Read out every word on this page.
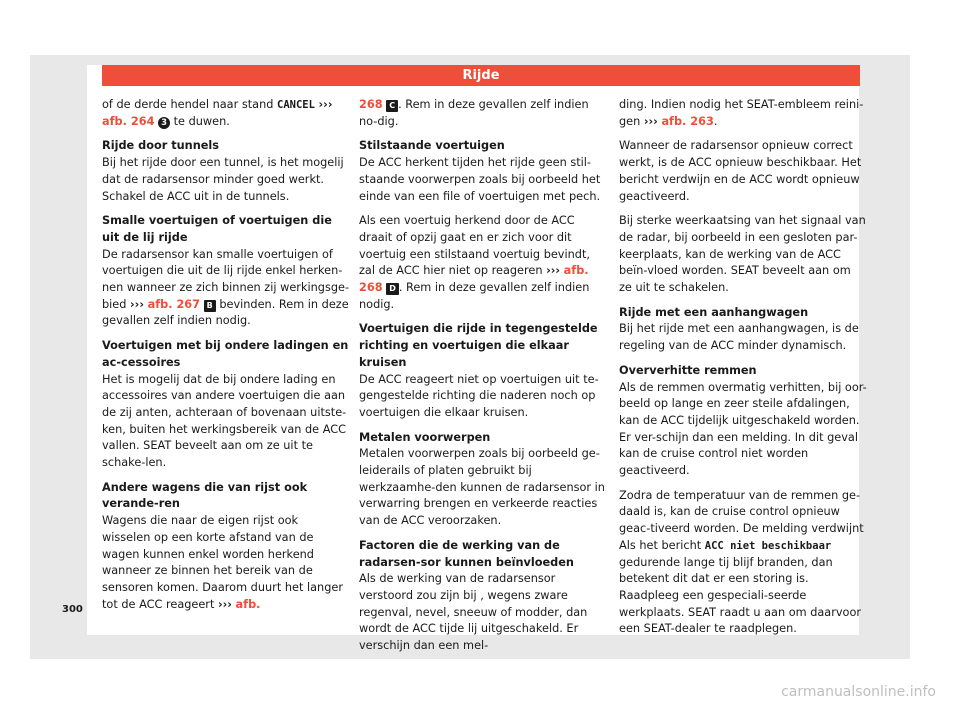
Rijde

of de derde hendel naar stand CANCEL ››› afb. 264 3 te duwen.

Rijde door tunnels

Bij het rijde door een tunnel, is het mogelij dat de radarsensor minder goed werkt. Schakel de ACC uit in de tunnels.

Smalle voertuigen of voertuigen die uit de lij rijde

De radarsensor kan smalle voertuigen of voertuigen die uit de lij rijde enkel herken-nen wanneer ze zich binnen zij werkingsge-bied ››› afb. 267 B bevinden. Rem in deze gevallen zelf indien nodig.

Voertuigen met bij ondere ladingen en ac-cessoires

Het is mogelij dat de bij ondere lading en accessoires van andere voertuigen die aan de zij anten, achteraan of bovenaan uitste-ken, buiten het werkingsbereik van de ACC vallen. SEAT beveelt aan om ze uit te schake-len.

Andere wagens die van rijst ook verande-ren

Wagens die naar de eigen rijst ook wisselen op een korte afstand van de wagen kunnen enkel worden herkend wanneer ze binnen het bereik van de sensoren komen. Daarom duurt het langer tot de ACC reageert ››› afb.

268 C . Rem in deze gevallen zelf indien no-dig.

Stilstaande voertuigen

De ACC herkent tijden het rijde geen stil-staande voorwerpen zoals bij oorbeeld het einde van een file of voertuigen met pech.

Als een voertuig herkend door de ACC draait of opzij gaat en er zich voor dit voertuig een stilstaand voertuig bevindt, zal de ACC hier niet op reageren ››› afb. 268 D . Rem in deze gevallen zelf indien nodig.

Voertuigen die rijde in tegengestelde richting en voertuigen die elkaar kruisen

De ACC reageert niet op voertuigen uit te-gengestelde richting die naderen noch op voertuigen die elkaar kruisen.

Metalen voorwerpen

Metalen voorwerpen zoals bij oorbeeld ge-leiderails of platen gebruikt bij werkzaamhe-den kunnen de radarsensor in verwarring brengen en verkeerde reacties van de ACC veroorzaken.

Factoren die de werking van de radarsen-sor kunnen beïnvloeden

Als de werking van de radarsensor verstoord zou zijn bij , wegens zware regenval, nevel, sneeuw of modder, dan wordt de ACC tijde lij uitgeschakeld. Er verschijn dan een mel-

ding. Indien nodig het SEAT-embleem reini-gen ››› afb. 263.

Wanneer de radarsensor opnieuw correct werkt, is de ACC opnieuw beschikbaar. Het bericht verdwijn en de ACC wordt opnieuw geactiveerd.

Bij sterke weerkaatsing van het signaal van de radar, bij oorbeeld in een gesloten par-keerplaats, kan de werking van de ACC beïn-vloed worden. SEAT beveelt aan om ze uit te schakelen.

Rijde met een aanhangwagen

Bij het rijde met een aanhangwagen, is de regeling van de ACC minder dynamisch.

Oververhitte remmen

Als de remmen overmatig verhitten, bij oor-beeld op lange en zeer steile afdalingen, kan de ACC tijdelijk uitgeschakeld worden. Er ver-schijn dan een melding. In dit geval kan de cruise control niet worden geactiveerd.

Zodra de temperatuur van de remmen ge-daald is, kan de cruise control opnieuw geac-tiveerd worden. De melding verdwijnt Als het bericht ACC niet beschikbaar gedurende lange tij blijf branden, dan betekent dit dat er een storing is. Raadpleeg een gespeciali-seerde werkplaats. SEAT raadt u aan om daarvoor een SEAT-dealer te raadplegen.

300
carmanualsonline.info
